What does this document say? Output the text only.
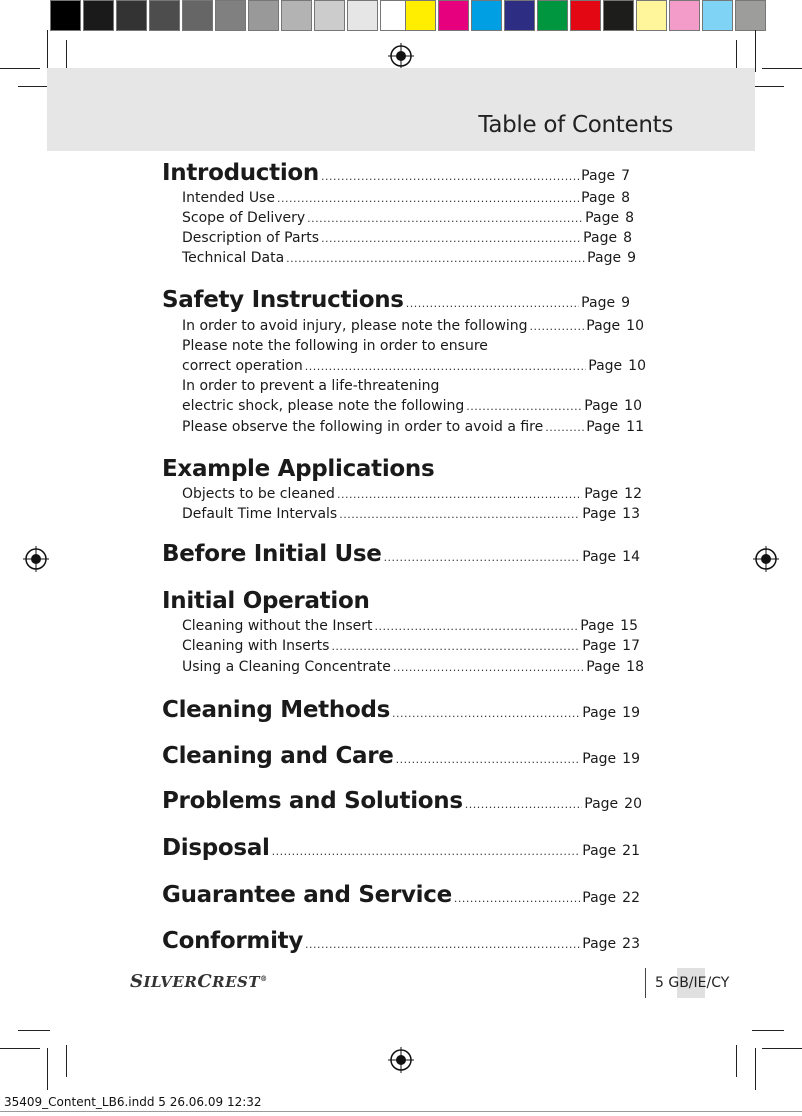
Table of Contents
Introduction .....	Page 7
Intended Use .....	Page 8
Scope of Delivery .....	Page 8
Description of Parts .....	Page 8
Technical Data .....	Page 9
Safety Instructions .....	Page 9
In order to avoid injury, please note the following .....	Page 10
Please note the following in order to ensure
correct operation .....	Page 10
In order to prevent a life-threatening
electric shock, please note the following .....	Page 10
Please observe the following in order to avoid a fire .....	Page 11
Example Applications
Objects to be cleaned .....	Page 12
Default Time Intervals .....	Page 13
Before Initial Use .....	Page 14
Initial Operation
Cleaning without the Insert .....	Page 15
Cleaning with Inserts .....	Page 17
Using a Cleaning Concentrate .....	Page 18
Cleaning Methods .....	Page 19
Cleaning and Care .....	Page 19
Problems and Solutions .....	Page 20
Disposal .....	Page 21
Guarantee and Service .....	Page 22
Conformity .....	Page 23
SILVERCREST®	5 GB/IE/CY
35409_Content_LB6.indd 5 26.06.09 12:32
